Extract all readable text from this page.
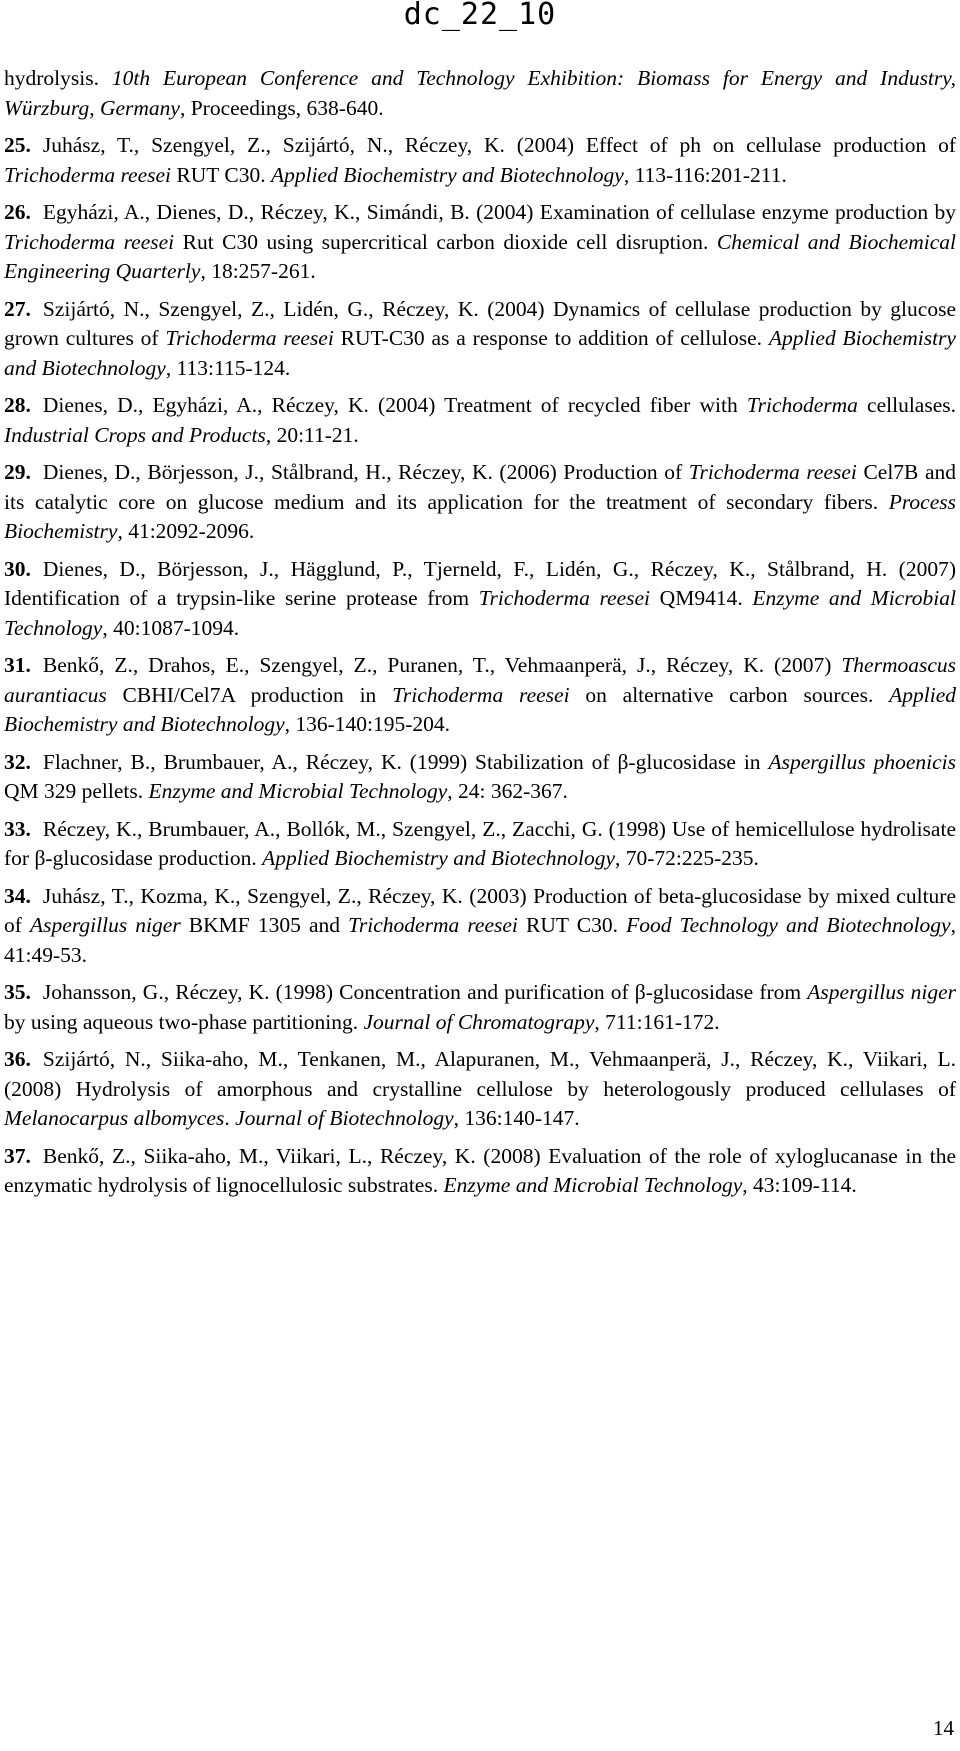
dc_22_10

hydrolysis. 10th European Conference and Technology Exhibition: Biomass for Energy and Industry, Würzburg, Germany, Proceedings, 638-640.

25. Juhász, T., Szengyel, Z., Szijártó, N., Réczey, K. (2004) Effect of ph on cellulase production of Trichoderma reesei RUT C30. Applied Biochemistry and Biotechnology, 113-116:201-211.

26. Egyházi, A., Dienes, D., Réczey, K., Simándi, B. (2004) Examination of cellulase enzyme production by Trichoderma reesei Rut C30 using supercritical carbon dioxide cell disruption. Chemical and Biochemical Engineering Quarterly, 18:257-261.

27. Szijártó, N., Szengyel, Z., Lidén, G., Réczey, K. (2004) Dynamics of cellulase production by glucose grown cultures of Trichoderma reesei RUT-C30 as a response to addition of cellulose. Applied Biochemistry and Biotechnology, 113:115-124.

28. Dienes, D., Egyházi, A., Réczey, K. (2004) Treatment of recycled fiber with Trichoderma cellulases. Industrial Crops and Products, 20:11-21.

29. Dienes, D., Börjesson, J., Stålbrand, H., Réczey, K. (2006) Production of Trichoderma reesei Cel7B and its catalytic core on glucose medium and its application for the treatment of secondary fibers. Process Biochemistry, 41:2092-2096.

30. Dienes, D., Börjesson, J., Hägglund, P., Tjerneld, F., Lidén, G., Réczey, K., Stålbrand, H. (2007) Identification of a trypsin-like serine protease from Trichoderma reesei QM9414. Enzyme and Microbial Technology, 40:1087-1094.

31. Benkő, Z., Drahos, E., Szengyel, Z., Puranen, T., Vehmaanperä, J., Réczey, K. (2007) Thermoascus aurantiacus CBHI/Cel7A production in Trichoderma reesei on alternative carbon sources. Applied Biochemistry and Biotechnology, 136-140:195-204.

32. Flachner, B., Brumbauer, A., Réczey, K. (1999) Stabilization of β-glucosidase in Aspergillus phoenicis QM 329 pellets. Enzyme and Microbial Technology, 24: 362-367.

33. Réczey, K., Brumbauer, A., Bollók, M., Szengyel, Z., Zacchi, G. (1998) Use of hemicellulose hydrolisate for β-glucosidase production. Applied Biochemistry and Biotechnology, 70-72:225-235.

34. Juhász, T., Kozma, K., Szengyel, Z., Réczey, K. (2003) Production of beta-glucosidase by mixed culture of Aspergillus niger BKMF 1305 and Trichoderma reesei RUT C30. Food Technology and Biotechnology, 41:49-53.

35. Johansson, G., Réczey, K. (1998) Concentration and purification of β-glucosidase from Aspergillus niger by using aqueous two-phase partitioning. Journal of Chromatograpy, 711:161-172.

36. Szijártó, N., Siika-aho, M., Tenkanen, M., Alapuranen, M., Vehmaanperä, J., Réczey, K., Viikari, L. (2008) Hydrolysis of amorphous and crystalline cellulose by heterologously produced cellulases of Melanocarpus albomyces. Journal of Biotechnology, 136:140-147.

37. Benkő, Z., Siika-aho, M., Viikari, L., Réczey, K. (2008) Evaluation of the role of xyloglucanase in the enzymatic hydrolysis of lignocellulosic substrates. Enzyme and Microbial Technology, 43:109-114.

14
